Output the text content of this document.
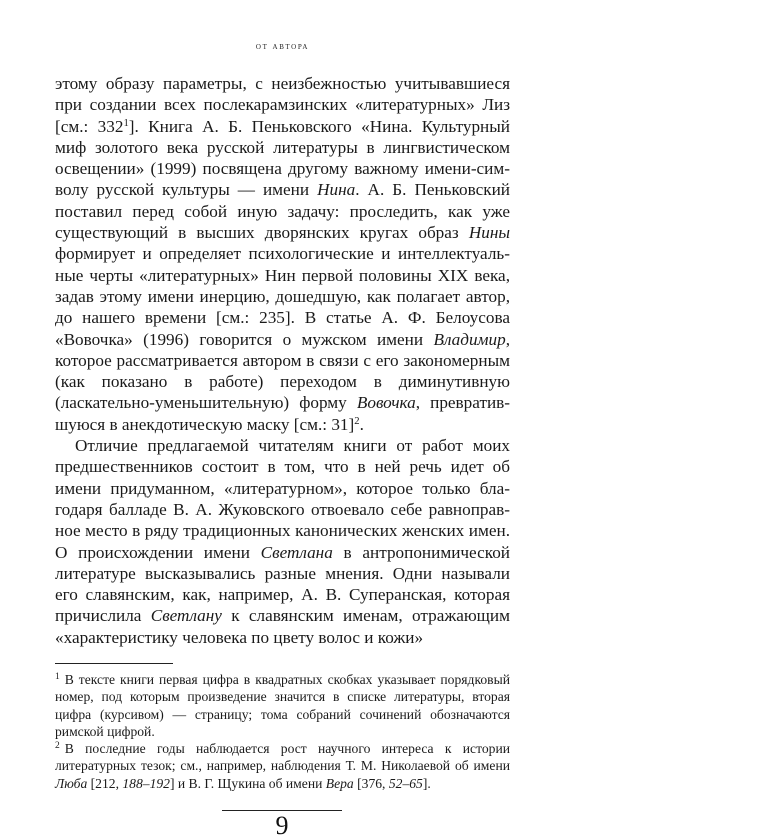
от автора

этому образу параметры, с неизбежностью учитывавшиеся при создании всех послекарамзинских «литературных» Лиз [см.: $332^1$]. Книга А. Б. Пеньковского «Нина. Культурный миф золотого века русской литературы в лингвистическом освещении» (1999) посвящена другому важному имени-символу русской культуры — имени Нина. А. Б. Пеньковский поставил перед собой иную задачу: проследить, как уже существующий в высших дворянских кругах образ Нины формирует и определяет психологические и интеллектуальные черты «литературных» Нин первой половины XIX века, задав этому имени инерцию, дошедшую, как полагает автор, до нашего времени [см.: 235]. В статье А. Ф. Белоусова «Вовочка» (1996) говорится о мужском имени Владимир, которое рассматривается автором в связи с его закономерным (как показано в работе) переходом в диминутивную (ласкательно-уменьшительную) форму Вовочка, превратившуюся в анекдотическую маску [см.: 31]$^2$.

Отличие предлагаемой читателям книги от работ моих предшественников состоит в том, что в ней речь идет об имени придуманном, «литературном», которое только благодаря балладе В. А. Жуковского отвоевало себе равноправное место в ряду традиционных канонических женских имен. О происхождении имени Светлана в антропонимической литературе высказывались разные мнения. Одни называли его славянским, как, например, А. В. Суперанская, которая причислила Светлану к славянским именам, отражающим «характеристику человека по цвету волос и кожи»

$^1$ В тексте книги первая цифра в квадратных скобках указывает порядковый номер, под которым произведение значится в списке литературы, вторая цифра (курсивом) — страницу; тома собраний сочинений обозначаются римской цифрой.

$^2$ В последние годы наблюдается рост научного интереса к истории литературных тезок; см., например, наблюдения Т. М. Николаевой об имени Люба [212, 188–192] и В. Г. Щукина об имени Вера [376, 52–65].

9
